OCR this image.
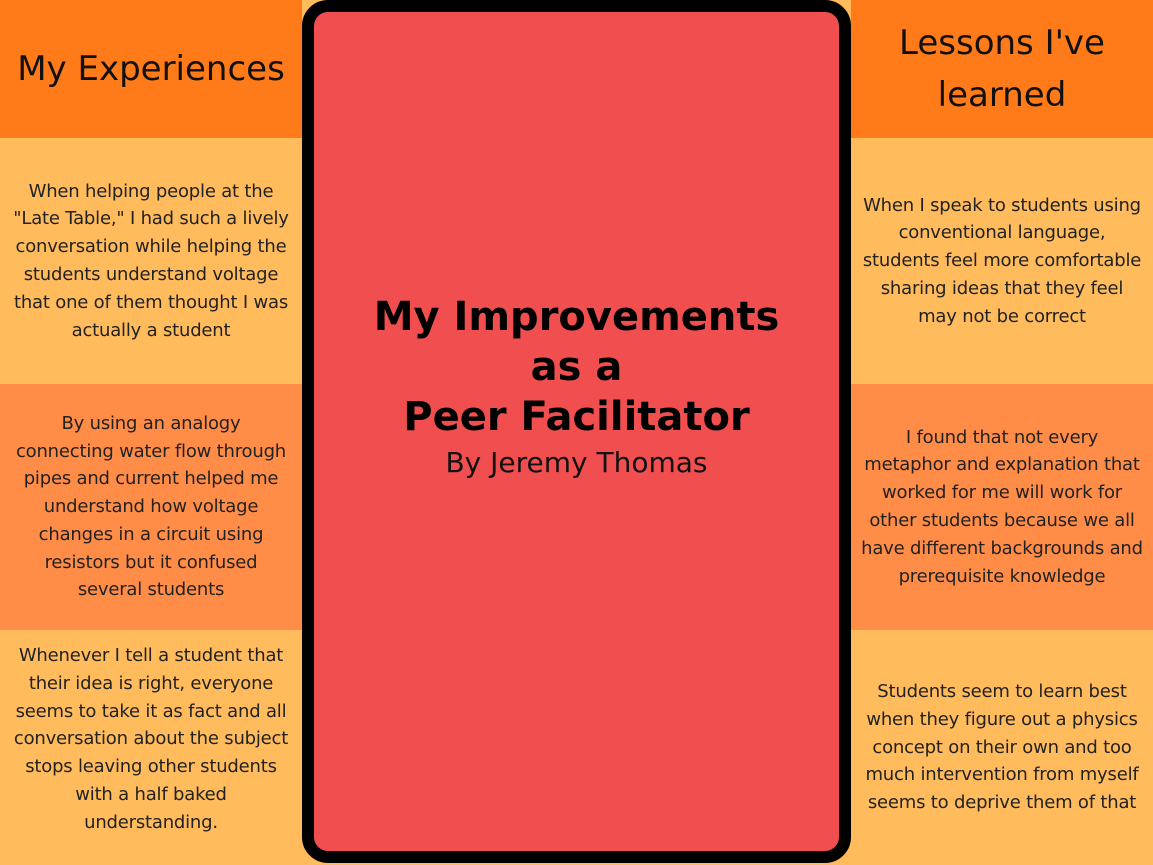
My Experiences
When helping people at the "Late Table," I had such a lively conversation while helping the students understand voltage that one of them thought I was actually a student
By using an analogy connecting water flow through pipes and current helped me understand how voltage changes in a circuit using resistors but it confused several students
Whenever I tell a student that their idea is right, everyone seems to take it as fact and all conversation about the subject stops leaving other students with a half baked understanding.
My Improvements
as a
Peer Facilitator
By Jeremy Thomas
Lessons I've learned
When I speak to students using conventional language, students feel more comfortable sharing ideas that they feel may not be correct
I found that not every metaphor and explanation that worked for me will work for other students because we all have different backgrounds and prerequisite knowledge
Students seem to learn best when they figure out a physics concept on their own and too much intervention from myself seems to deprive them of that
